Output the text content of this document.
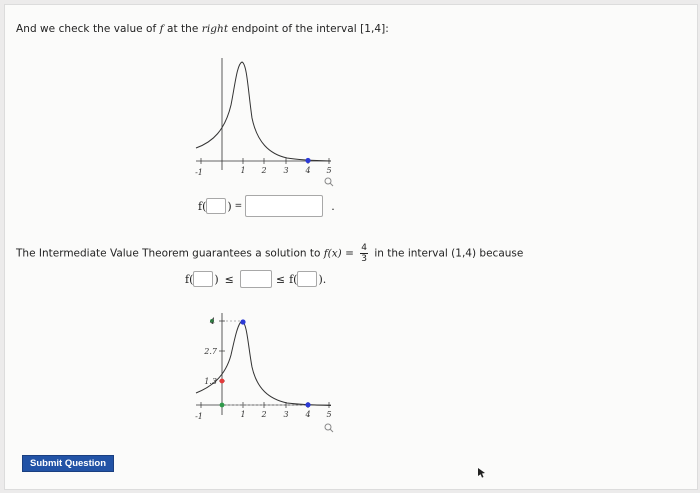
And we check the value of f at the right endpoint of the interval [1,4]:
-1	1 2 3 4 5
f( ) =	.
The Intermediate Value Theorem guarantees a solution to $f(x) = \frac{4}{3}$ in the interval (1,4) because
f( ) ≤	≤ f( ).
4
2.7
1.3
-1	1 2 3 4 5
Submit Question
